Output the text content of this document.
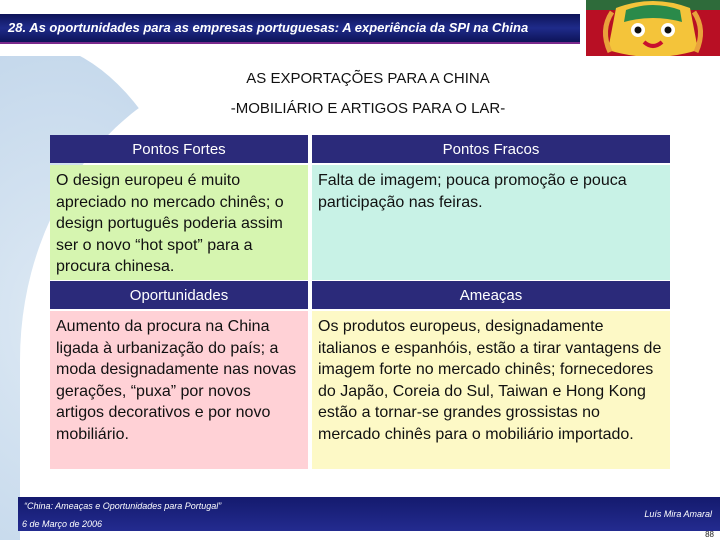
28. As oportunidades para as empresas portuguesas: A experiência da SPI na China
AS EXPORTAÇÕES PARA A CHINA
-MOBILIÁRIO E ARTIGOS PARA O LAR-
Pontos Fortes	Pontos Fracos
O design europeu é muito apreciado no mercado chinês; o design português poderia assim ser o novo “hot spot” para a procura chinesa.
Falta de imagem; pouca promoção e pouca participação nas feiras.
Oportunidades	Ameaças
Aumento da procura na China ligada à urbanização do país; a moda designadamente nas novas gerações, “puxa” por novos artigos decorativos e por novo mobiliário.
Os produtos europeus, designadamente italianos e espanhóis, estão a tirar vantagens de imagem forte no mercado chinês; fornecedores do Japão, Coreia do Sul, Taiwan e Hong Kong estão a tornar-se grandes grossistas no mercado chinês para o mobiliário importado.
“China: Ameaças e Oportunidades para Portugal”
6 de Março de 2006
Luís Mira Amaral
88
